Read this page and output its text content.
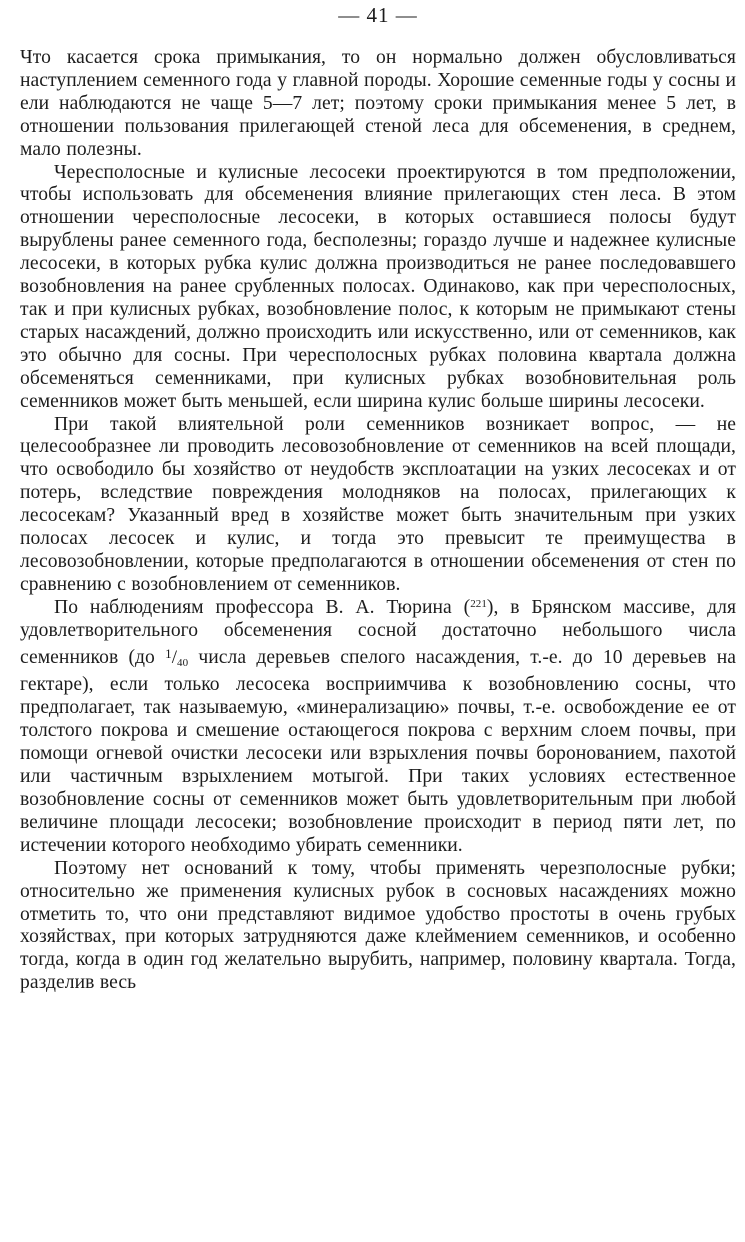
— 41 —

Что касается срока примыкания, то он нормально должен обусловливаться наступлением семенного года у главной породы. Хорошие семенные годы у сосны и ели наблюдаются не чаще 5—7 лет; поэтому сроки примыкания менее 5 лет, в отношении пользования прилегающей стеной леса для обсеменения, в среднем, мало полезны.

Чересполосные и кулисные лесосеки проектируются в том предположении, чтобы использовать для обсеменения влияние прилегающих стен леса. В этом отношении чересполосные лесосеки, в которых оставшиеся полосы будут вырублены ранее семенного года, бесполезны; гораздо лучше и надежнее кулисные лесосеки, в которых рубка кулис должна производиться не ранее последовавшего возобновления на ранее срубленных полосах. Одинаково, как при чересполосных, так и при кулисных рубках, возобновление полос, к которым не примыкают стены старых насаждений, должно происходить или искусственно, или от семенников, как это обычно для сосны. При чересполосных рубках половина квартала должна обсеменяться семенниками, при кулисных рубках возобновительная роль семенников может быть меньшей, если ширина кулис больше ширины лесосеки.

При такой влиятельной роли семенников возникает вопрос, — не целесообразнее ли проводить лесовозобновление от семенников на всей площади, что освободило бы хозяйство от неудобств эксплоатации на узких лесосеках и от потерь, вследствие повреждения молодняков на полосах, прилегающих к лесосекам? Указанный вред в хозяйстве может быть значительным при узких полосах лесосек и кулис, и тогда это превысит те преимущества в лесовозобновлении, которые предполагаются в отношении обсеменения от стен по сравнению с возобновлением от семенников.

По наблюдениям профессора В. А. Тюрина ($^{221}$), в Брянском массиве, для удовлетворительного обсеменения сосной достаточно небольшого числа семенников (до $^1$/40 числа деревьев спелого насаждения, т.-е. до 10 деревьев на гектаре), если только лесосека восприимчива к возобновлению сосны, что предполагает, так называемую, «минерализацию» почвы, т.-е. освобождение ее от толстого покрова и смешение остающегося покрова с верхним слоем почвы, при помощи огневой очистки лесосеки или взрыхления почвы боронованием, пахотой или частичным взрыхлением мотыгой. При таких условиях естественное возобновление сосны от семенников может быть удовлетворительным при любой величине площади лесосеки; возобновление происходит в период пяти лет, по истечении которого необходимо убирать семенники.

Поэтому нет оснований к тому, чтобы применять черезполосные рубки; относительно же применения кулисных рубок в сосновых насаждениях можно отметить то, что они представляют видимое удобство простоты в очень грубых хозяйствах, при которых затрудняются даже клеймением семенников, и особенно тогда, когда в один год желательно вырубить, например, половину квартала. Тогда, разделив весь
